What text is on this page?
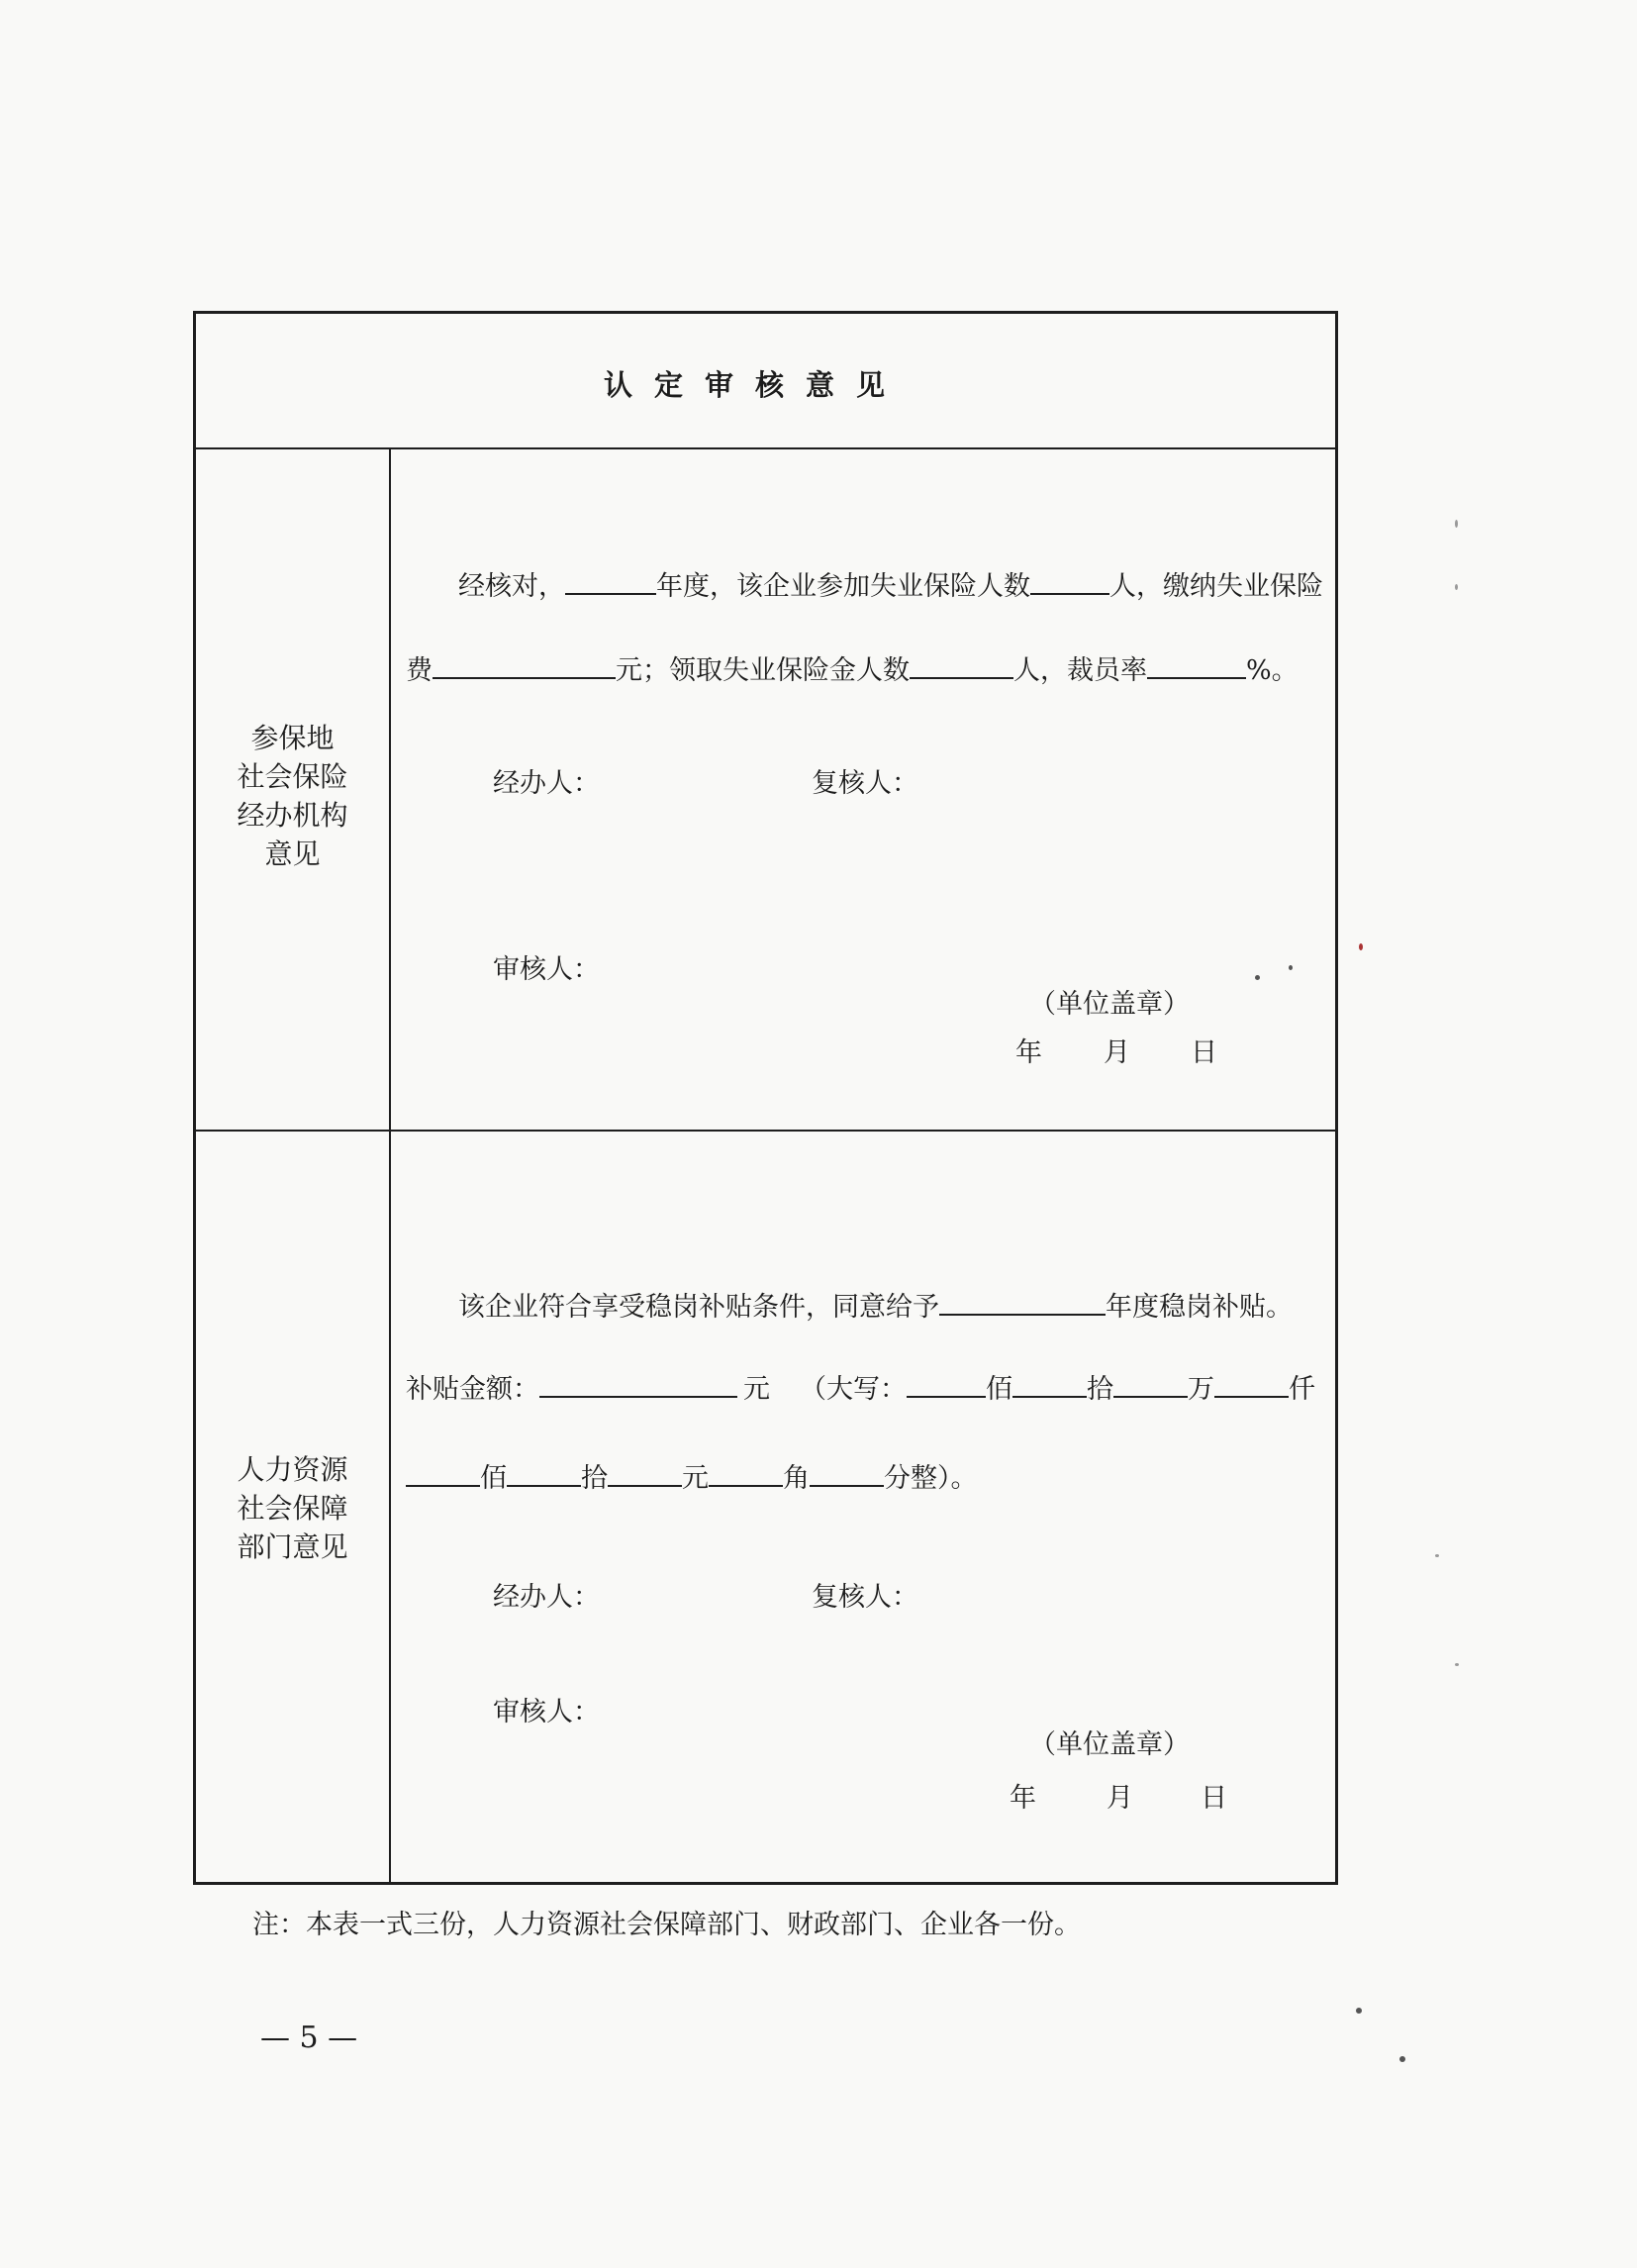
认定审核意见
参保地
社会保险
经办机构
意见
经核对，	年度，该企业参加失业保险人数	人，缴纳失业保险
费	元；领取失业保险金人数	人，裁员率	%。
经办人：	复核人：
审核人：
（单位盖章）
年 月 日
人力资源
社会保障
部门意见
该企业符合享受稳岗补贴条件，同意给予	年度稳岗补贴。
补贴金额：	元 （大写：	佰	拾	万	仟
佰	拾	元	角	分整）。
经办人：	复核人：
审核人：
（单位盖章）
年	月	日
注：本表一式三份，人力资源社会保障部门、财政部门、企业各一份。
— 5 —
